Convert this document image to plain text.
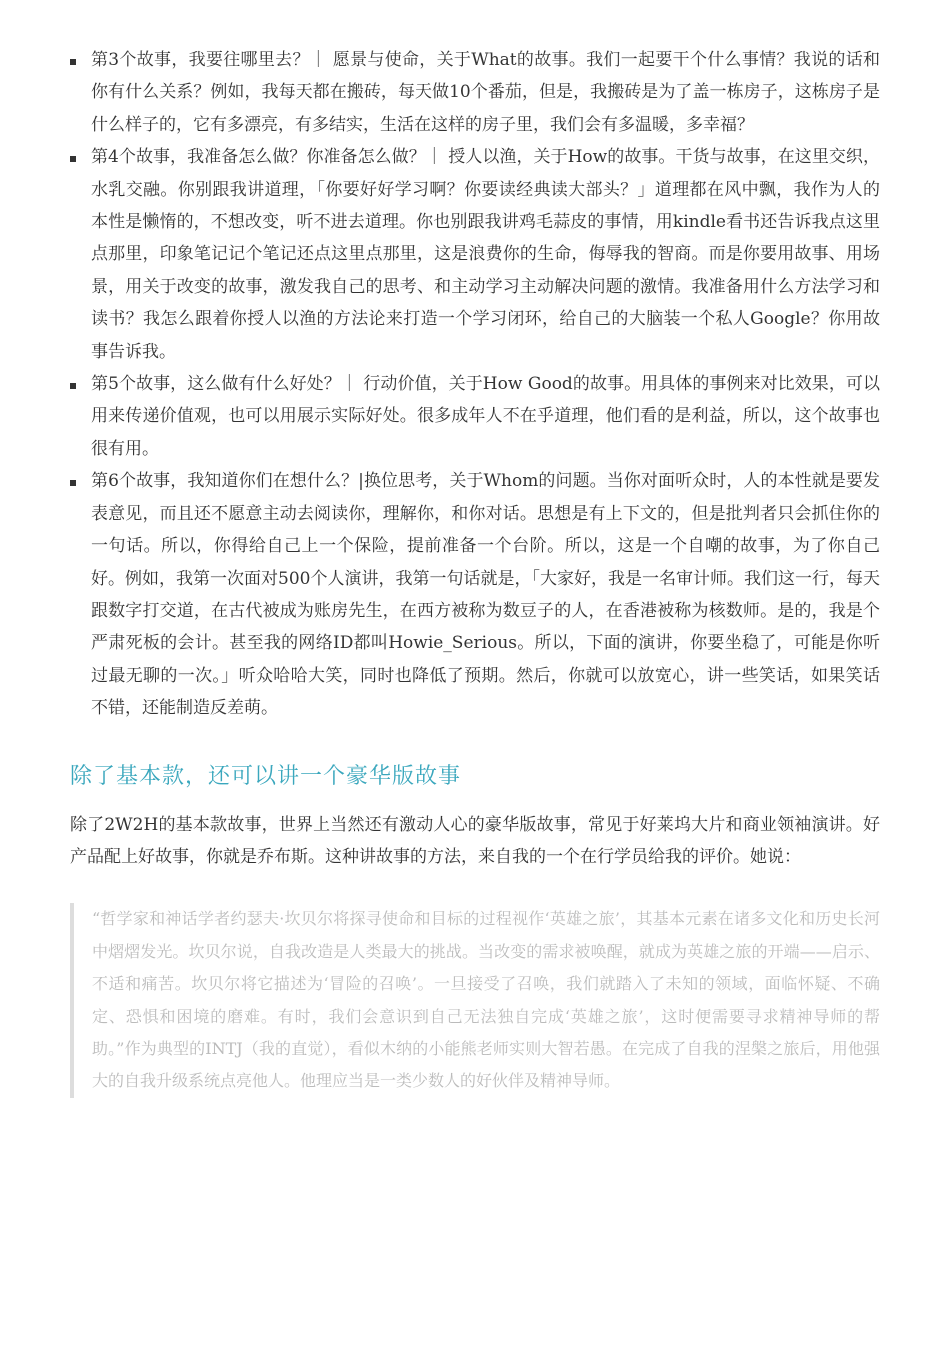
第3个故事，我要往哪里去？｜ 愿景与使命，关于What的故事。我们一起要干个什么事情？我说的话和你有什么关系？例如，我每天都在搬砖，每天做10个番茄，但是，我搬砖是为了盖一栋房子，这栋房子是什么样子的，它有多漂亮，有多结实，生活在这样的房子里，我们会有多温暖，多幸福？
第4个故事，我准备怎么做？你准备怎么做？｜ 授人以渔，关于How的故事。干货与故事，在这里交织，水乳交融。你别跟我讲道理，「你要好好学习啊？你要读经典读大部头？」道理都在风中飘，我作为人的本性是懒惰的，不想改变，听不进去道理。你也别跟我讲鸡毛蒜皮的事情，用kindle看书还告诉我点这里点那里，印象笔记记个笔记还点这里点那里，这是浪费你的生命，侮辱我的智商。而是你要用故事、用场景，用关于改变的故事，激发我自己的思考、和主动学习主动解决问题的激情。我准备用什么方法学习和读书？我怎么跟着你授人以渔的方法论来打造一个学习闭环，给自己的大脑装一个私人Google？你用故事告诉我。
第5个故事，这么做有什么好处？｜ 行动价值，关于How Good的故事。用具体的事例来对比效果，可以用来传递价值观，也可以用展示实际好处。很多成年人不在乎道理，他们看的是利益，所以，这个故事也很有用。
第6个故事，我知道你们在想什么？|换位思考，关于Whom的问题。当你对面听众时，人的本性就是要发表意见，而且还不愿意主动去阅读你，理解你，和你对话。思想是有上下文的，但是批判者只会抓住你的一句话。所以，你得给自己上一个保险，提前准备一个台阶。所以，这是一个自嘲的故事，为了你自己好。例如，我第一次面对500个人演讲，我第一句话就是，「大家好，我是一名审计师。我们这一行，每天跟数字打交道，在古代被成为账房先生，在西方被称为数豆子的人，在香港被称为核数师。是的，我是个严肃死板的会计。甚至我的网络ID都叫Howie_Serious。所以，下面的演讲，你要坐稳了，可能是你听过最无聊的一次。」听众哈哈大笑，同时也降低了预期。然后，你就可以放宽心，讲一些笑话，如果笑话不错，还能制造反差萌。
除了基本款，还可以讲一个豪华版故事

除了2W2H的基本款故事，世界上当然还有激动人心的豪华版故事，常见于好莱坞大片和商业领袖演讲。好产品配上好故事，你就是乔布斯。这种讲故事的方法，来自我的一个在行学员给我的评价。她说：

“哲学家和神话学者约瑟夫·坎贝尔将探寻使命和目标的过程视作‘英雄之旅’，其基本元素在诸多文化和历史长河中熠熠发光。坎贝尔说，自我改造是人类最大的挑战。当改变的需求被唤醒，就成为英雄之旅的开端——启示、不适和痛苦。坎贝尔将它描述为‘冒险的召唤’。一旦接受了召唤，我们就踏入了未知的领域，面临怀疑、不确定、恐惧和困境的磨难。有时，我们会意识到自己无法独自完成‘英雄之旅’，这时便需要寻求精神导师的帮助。”作为典型的INTJ（我的直觉），看似木纳的小能熊老师实则大智若愚。在完成了自我的涅槃之旅后，用他强大的自我升级系统点亮他人。他理应当是一类少数人的好伙伴及精神导师。
